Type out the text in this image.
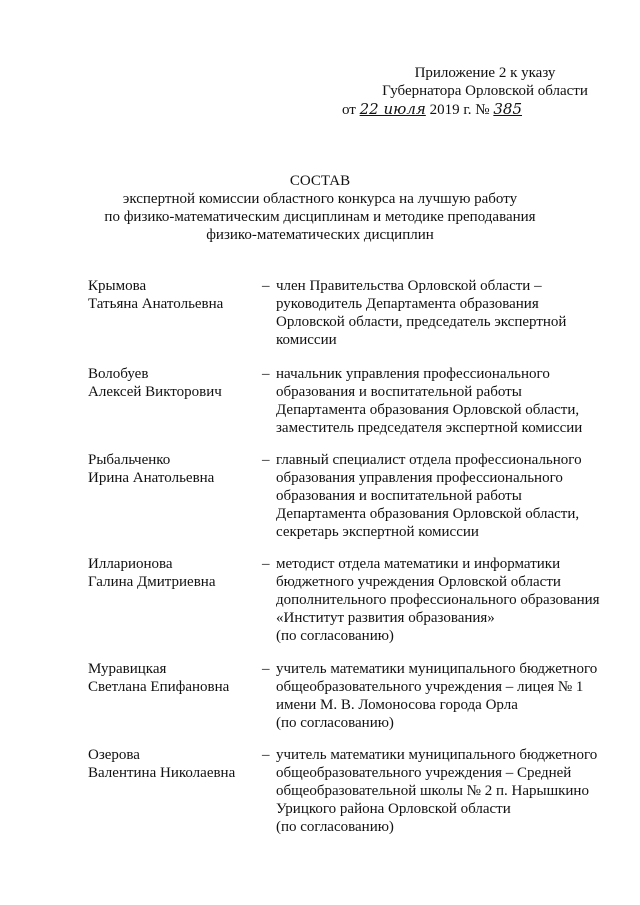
Приложение 2 к указу
Губернатора Орловской области
от 22 июля 2019 г. № 385
СОСТАВ
экспертной комиссии областного конкурса на лучшую работу
по физико-математическим дисциплинам и методике преподавания
физико-математических дисциплин
Крымова
Татьяна Анатольевна
– член Правительства Орловской области –
руководитель Департамента образования
Орловской области, председатель экспертной
комиссии
Волобуев
Алексей Викторович
– начальник управления профессионального
образования и воспитательной работы
Департамента образования Орловской области,
заместитель председателя экспертной комиссии
Рыбальченко
Ирина Анатольевна
– главный специалист отдела профессионального
образования управления профессионального
образования и воспитательной работы
Департамента образования Орловской области,
секретарь экспертной комиссии
Илларионова
Галина Дмитриевна
– методист отдела математики и информатики
бюджетного учреждения Орловской области
дополнительного профессионального образования
«Институт развития образования»
(по согласованию)
Муравицкая
Светлана Епифановна
– учитель математики муниципального бюджетного
общеобразовательного учреждения – лицея № 1
имени М. В. Ломоносова города Орла
(по согласованию)
Озерова
Валентина Николаевна
– учитель математики муниципального бюджетного
общеобразовательного учреждения – Средней
общеобразовательной школы № 2 п. Нарышкино
Урицкого района Орловской области
(по согласованию)
